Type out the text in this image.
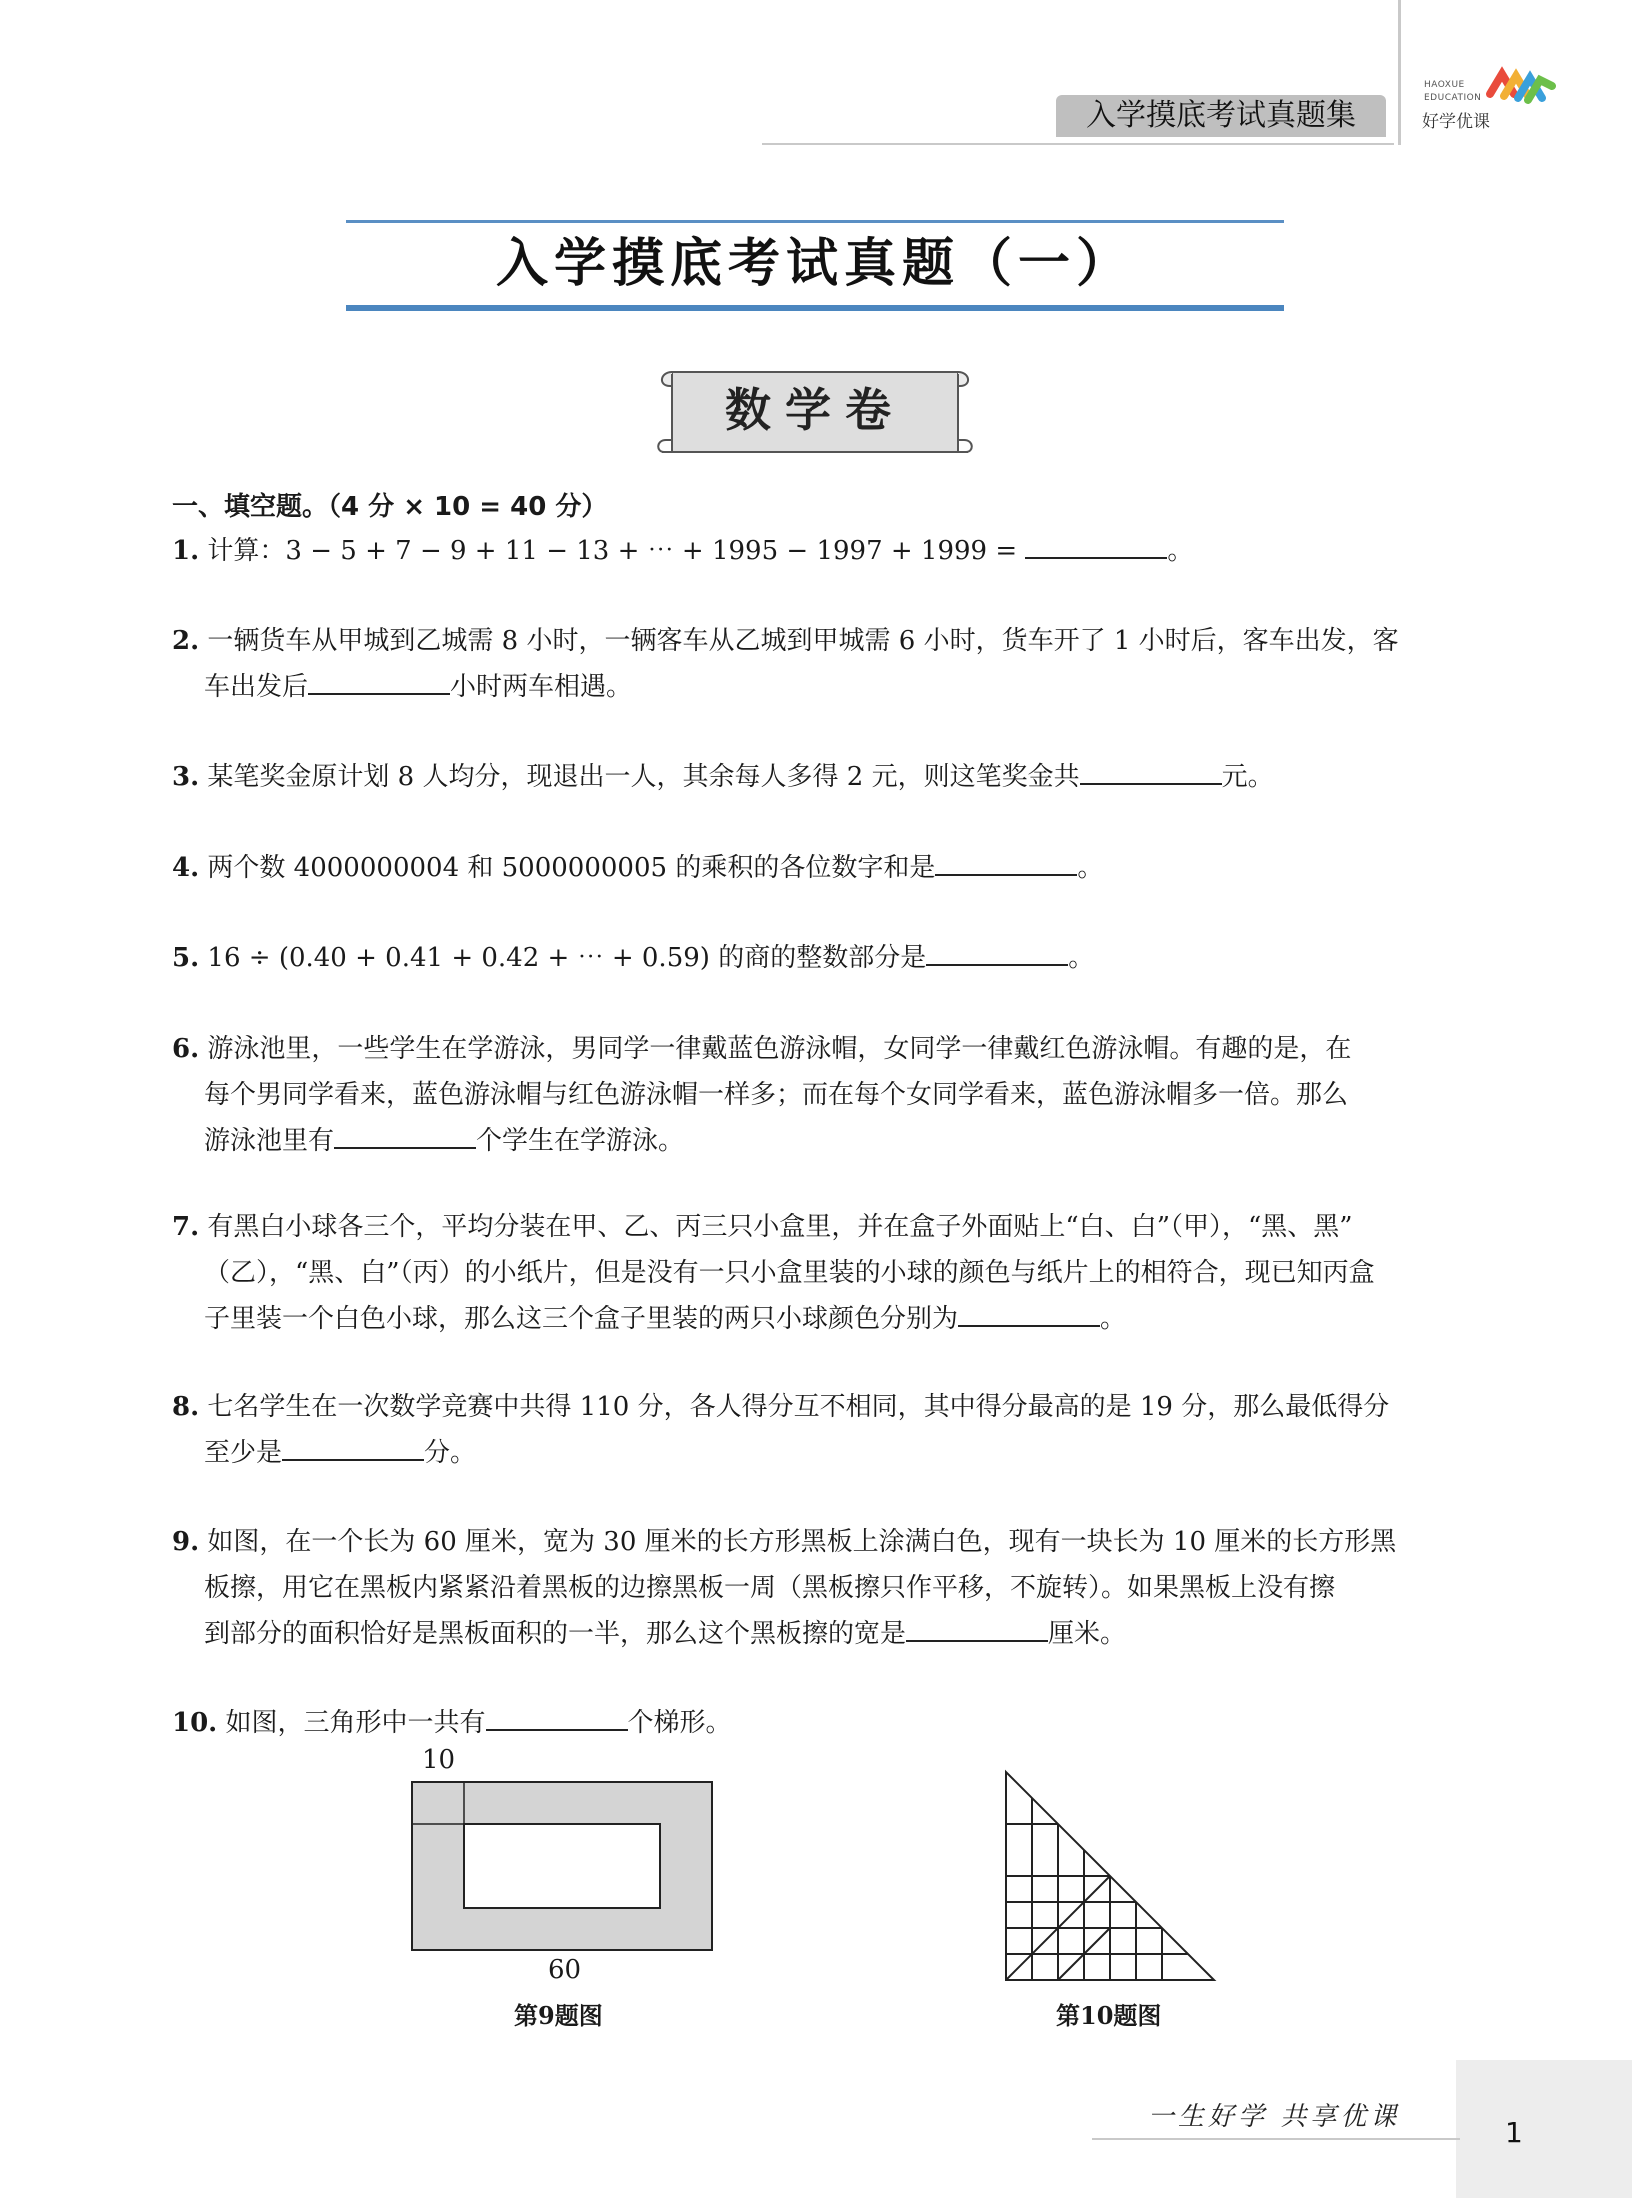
入学摸底考试真题集
HAOXUE
EDUCATION
好学优课
入学摸底考试真题（一）
数学卷
一、填空题。（4 分 × 10 = 40 分）
1. 计算：3 − 5 + 7 − 9 + 11 − 13 + ⋯ + 1995 − 1997 + 1999 =	。
2. 一辆货车从甲城到乙城需 8 小时，一辆客车从乙城到甲城需 6 小时，货车开了 1 小时后，客车出发，客
车出发后	小时两车相遇。
3. 某笔奖金原计划 8 人均分，现退出一人，其余每人多得 2 元，则这笔奖金共	元。
4. 两个数 4000000004 和 5000000005 的乘积的各位数字和是	。
5. 16 ÷ (0.40 + 0.41 + 0.42 + ⋯ + 0.59) 的商的整数部分是	。
6. 游泳池里，一些学生在学游泳，男同学一律戴蓝色游泳帽，女同学一律戴红色游泳帽。有趣的是，在
每个男同学看来，蓝色游泳帽与红色游泳帽一样多；而在每个女同学看来，蓝色游泳帽多一倍。那么
游泳池里有	个学生在学游泳。
7. 有黑白小球各三个，平均分装在甲、乙、丙三只小盒里，并在盒子外面贴上“白、白”（甲），“黑、黑”
（乙），“黑、白”（丙）的小纸片，但是没有一只小盒里装的小球的颜色与纸片上的相符合，现已知丙盒
子里装一个白色小球，那么这三个盒子里装的两只小球颜色分别为	。
8. 七名学生在一次数学竞赛中共得 110 分，各人得分互不相同，其中得分最高的是 19 分，那么最低得分
至少是	分。
9. 如图，在一个长为 60 厘米，宽为 30 厘米的长方形黑板上涂满白色，现有一块长为 10 厘米的长方形黑
板擦，用它在黑板内紧紧沿着黑板的边擦黑板一周（黑板擦只作平移，不旋转）。如果黑板上没有擦
到部分的面积恰好是黑板面积的一半，那么这个黑板擦的宽是	厘米。
10. 如图，三角形中一共有	个梯形。
10
60
第9题图	第10题图
一生好学 共享优课	1
